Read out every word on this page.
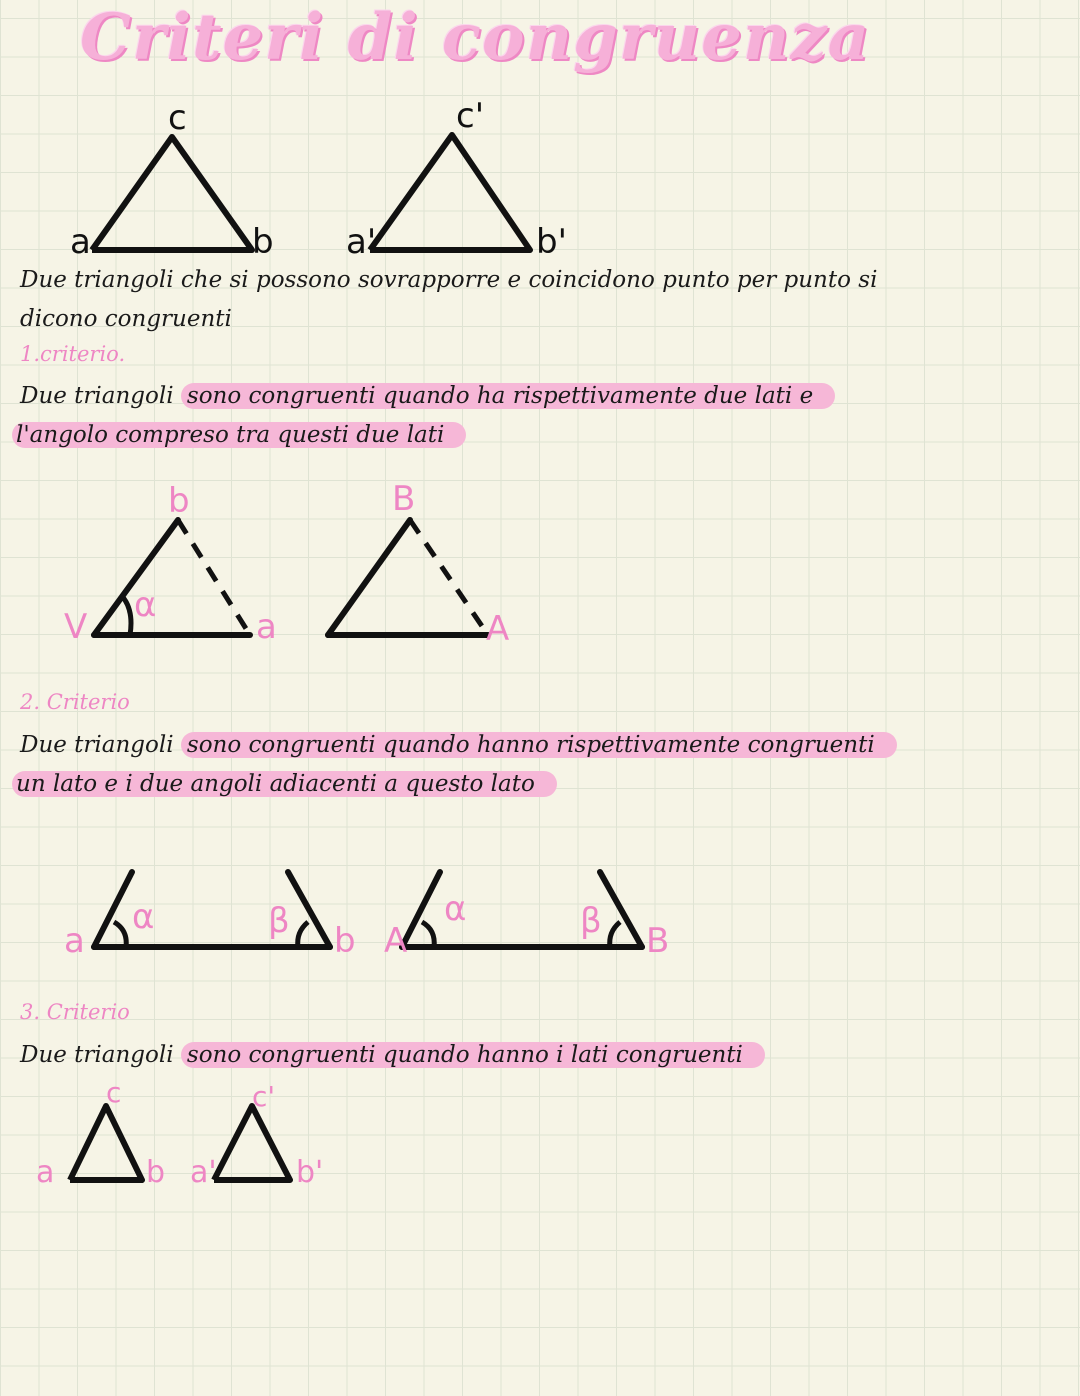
Criteri di congruenza
c
a	b
c'
a'	b'
Due triangoli che si possono sovrapporre e coincidono punto per punto si
dicono congruenti
1.criterio.
Due triangoli sono congruenti quando ha rispettivamente due lati e
l'angolo compreso tra questi due lati
b
V
α
a
B
A
2. Criterio
Due triangoli sono congruenti quando hanno rispettivamente congruenti
un lato e i due angoli adiacenti a questo lato
a
α	β b A
α	β B
3. Criterio
Due triangoli sono congruenti quando hanno i lati congruenti
c
a	b
c'
a'	b'
